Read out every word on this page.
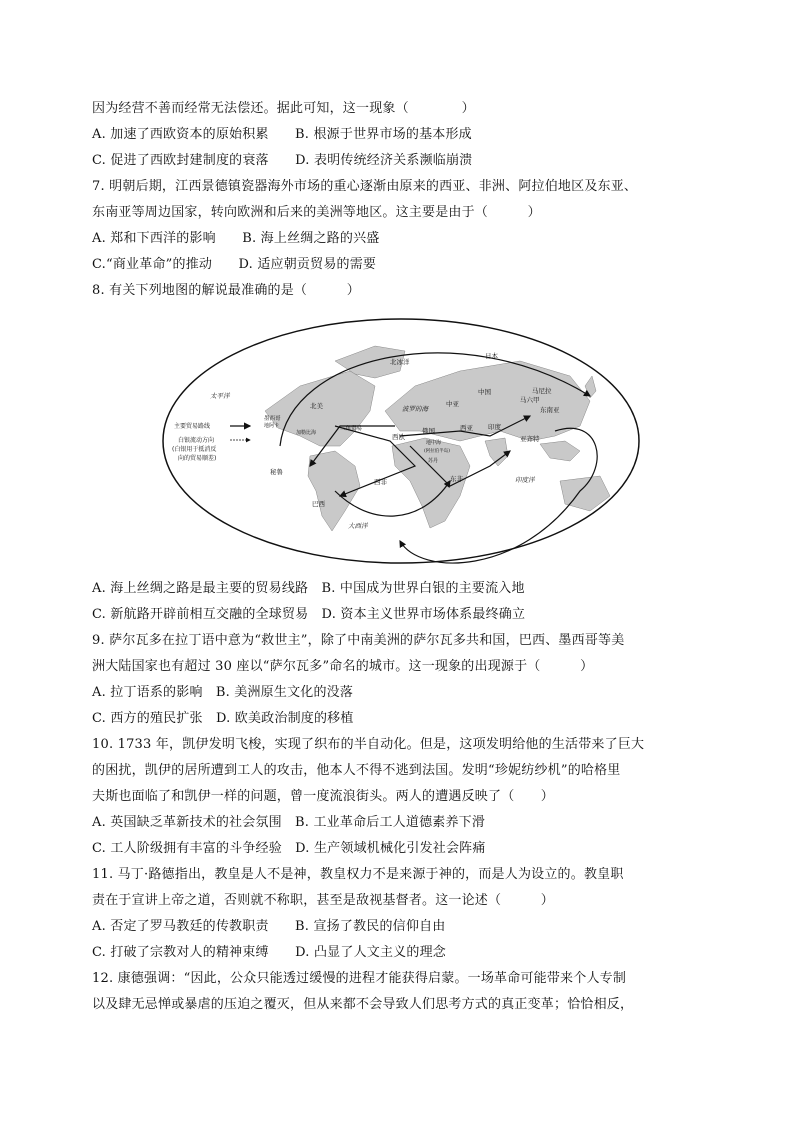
因为经营不善而经常无法偿还。据此可知，这一现象（　　　　）
A. 加速了西欧资本的原始积累　　B. 根源于世界市场的基本形成
C. 促进了西欧封建制度的衰落　　D. 表明传统经济关系濒临崩溃
7. 明朝后期，江西景德镇瓷器海外市场的重心逐渐由原来的西亚、非洲、阿拉伯地区及东亚、
东南亚等周边国家，转向欧洲和后来的美洲等地区。这主要是由于（　　　）
A. 郑和下西洋的影响　　B. 海上丝绸之路的兴盛
C.“商业革命”的推动　　D. 适应朝贡贸易的需要
8. 有关下列地图的解说最准确的是（　　　）
北冰洋
太平洋
日本
中国	马尼拉
东南亚
马六甲
亚齐特
印度
中亚
西亚
俄国
波罗的海
西欧
北美
墨西哥
地阿卡
加勒比海
三角贸易
秘鲁
巴西
西非	东非
地中海
(阿拉伯半岛)
苏丹
印度洋
大西洋
主要贸易路线
白银流动方向
(白银用于抵消反
向的贸易顺差)
A. 海上丝绸之路是最主要的贸易线路　B. 中国成为世界白银的主要流入地
C. 新航路开辟前相互交融的全球贸易　D. 资本主义世界市场体系最终确立
9. 萨尔瓦多在拉丁语中意为“救世主”，除了中南美洲的萨尔瓦多共和国，巴西、墨西哥等美
洲大陆国家也有超过 30 座以“萨尔瓦多”命名的城市。这一现象的出现源于（　　　）
A. 拉丁语系的影响　B. 美洲原生文化的没落
C. 西方的殖民扩张　D. 欧美政治制度的移植
10. 1733 年，凯伊发明飞梭，实现了织布的半自动化。但是，这项发明给他的生活带来了巨大
的困扰，凯伊的居所遭到工人的攻击，他本人不得不逃到法国。发明“珍妮纺纱机”的哈格里
夫斯也面临了和凯伊一样的问题，曾一度流浪街头。两人的遭遇反映了（　　）
A. 英国缺乏革新技术的社会氛围　B. 工业革命后工人道德素养下滑
C. 工人阶级拥有丰富的斗争经验　D. 生产领域机械化引发社会阵痛
11. 马丁·路德指出，教皇是人不是神，教皇权力不是来源于神的，而是人为设立的。教皇职
责在于宣讲上帝之道，否则就不称职，甚至是敌视基督者。这一论述（　　　）
A. 否定了罗马教廷的传教职责　　B. 宣扬了教民的信仰自由
C. 打破了宗教对人的精神束缚　　D. 凸显了人文主义的理念
12. 康德强调：“因此，公众只能透过缓慢的进程才能获得启蒙。一场革命可能带来个人专制
以及肆无忌惮或暴虐的压迫之覆灭，但从来都不会导致人们思考方式的真正变革；恰恰相反，
